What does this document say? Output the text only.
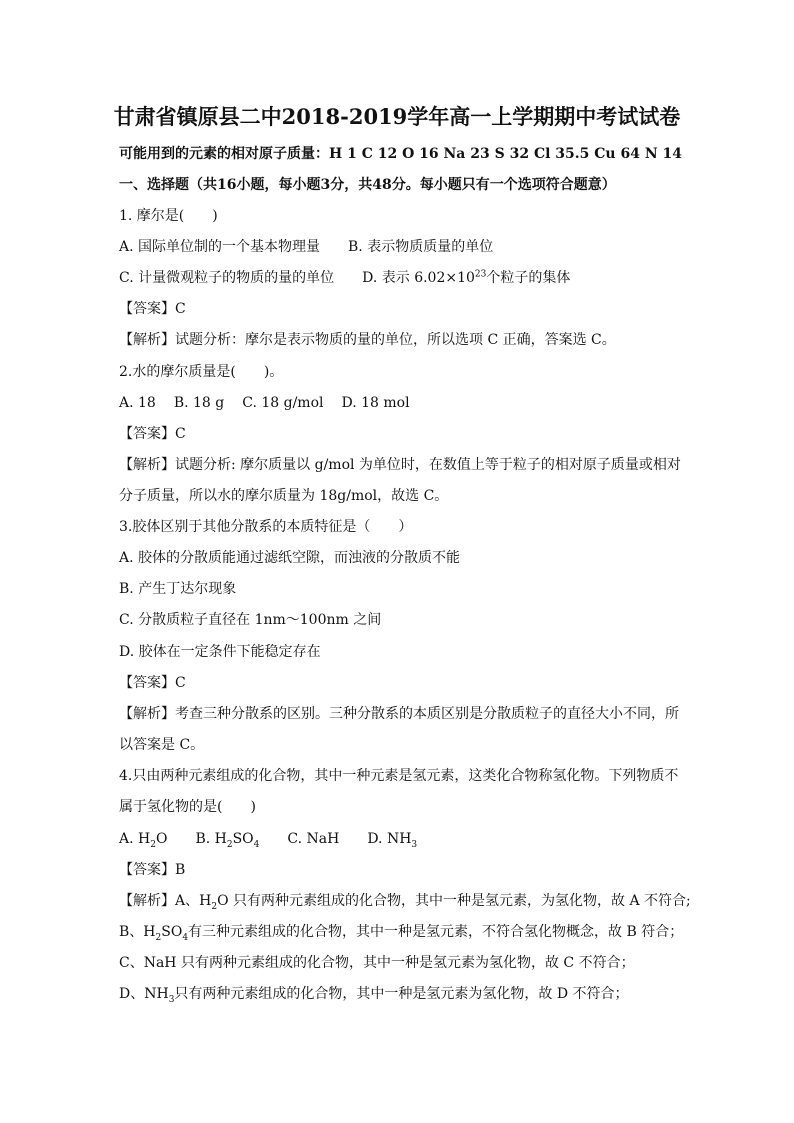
甘肃省镇原县二中2018-2019学年高一上学期期中考试试卷
可能用到的元素的相对原子质量：H 1 C 12 O 16 Na 23 S 32 Cl 35.5 Cu 64 N 14
一、选择题（共16小题，每小题3分，共48分。每小题只有一个选项符合题意）
1. 摩尔是(　　)
A. 国际单位制的一个基本物理量 B. 表示物质质量的单位
C. 计量微观粒子的物质的量的单位 D. 表示 $6.02\times 10^{23}$个粒子的集体
【答案】C
【解析】试题分析：摩尔是表示物质的量的单位，所以选项 C 正确，答案选 C。
2.水的摩尔质量是(　　)。
A. 18 B. 18 g C. 18 g/mol D. 18 mol
【答案】C
【解析】试题分析: 摩尔质量以 g/mol 为单位时，在数值上等于粒子的相对原子质量或相对
分子质量，所以水的摩尔质量为 18g/mol，故选 C。
3.胶体区别于其他分散系的本质特征是（　　）
A. 胶体的分散质能通过滤纸空隙，而浊液的分散质不能
B. 产生丁达尔现象
C. 分散质粒子直径在 1nm～100nm 之间
D. 胶体在一定条件下能稳定存在
【答案】C
【解析】考查三种分散系的区别。三种分散系的本质区别是分散质粒子的直径大小不同，所
以答案是 C。
4.只由两种元素组成的化合物，其中一种元素是氢元素，这类化合物称氢化物。下列物质不
属于氢化物的是(　　)
A. $H_2O$ B. $H_2SO_4$ C. NaH D. $NH_3$
【答案】B
【解析】A、$H_2O$ 只有两种元素组成的化合物，其中一种是氢元素，为氢化物，故 A 不符合;
B、$H_2SO_4$有三种元素组成的化合物，其中一种是氢元素，不符合氢化物概念，故 B 符合；
C、NaH 只有两种元素组成的化合物，其中一种是氢元素为氢化物，故 C 不符合；
D、$NH_3$只有两种元素组成的化合物，其中一种是氢元素为氢化物，故 D 不符合；
